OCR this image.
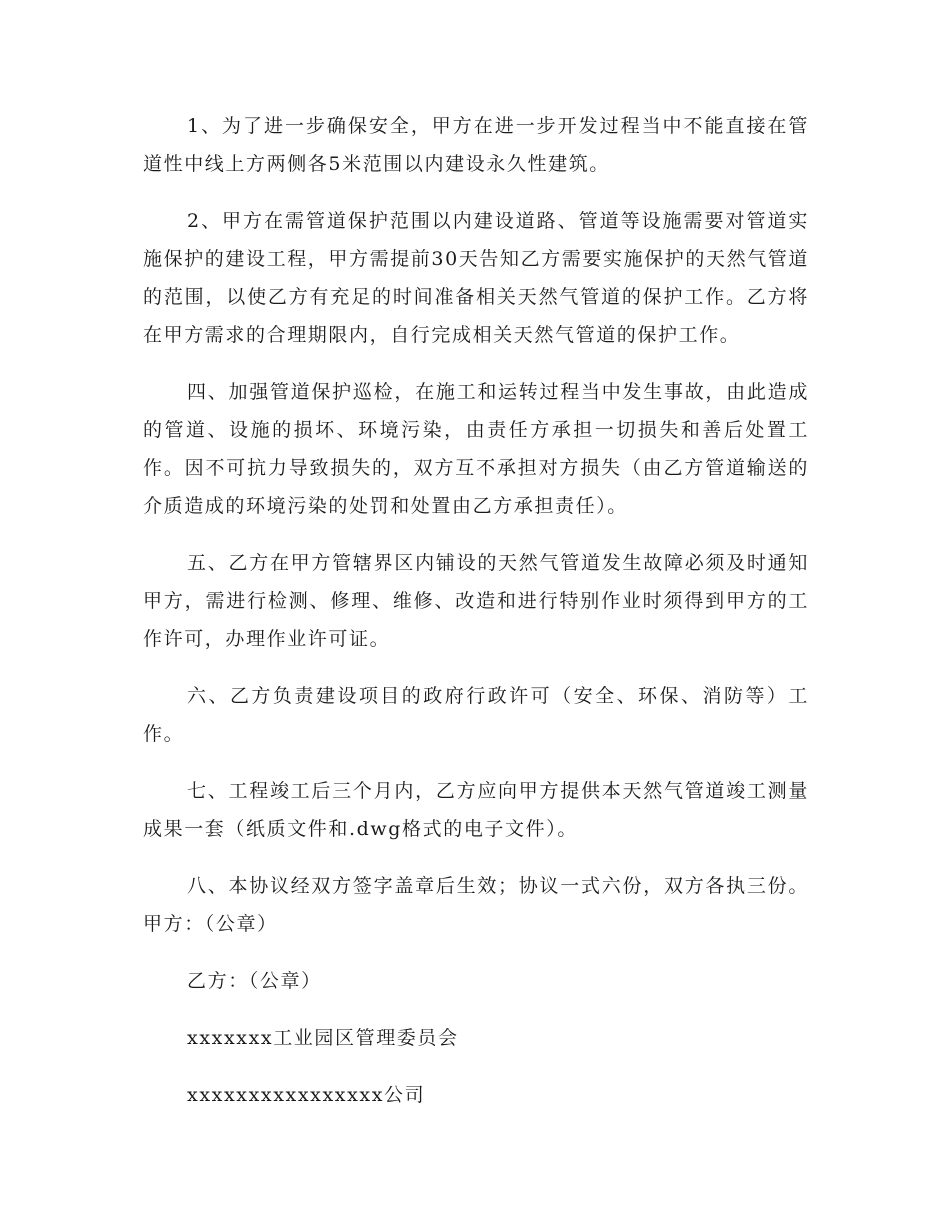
1、为了进一步确保安全，甲方在进一步开发过程当中不能直接在管道性中线上方两侧各5米范围以内建设永久性建筑。

2、甲方在需管道保护范围以内建设道路、管道等设施需要对管道实施保护的建设工程，甲方需提前30天告知乙方需要实施保护的天然气管道的范围，以使乙方有充足的时间准备相关天然气管道的保护工作。乙方将在甲方需求的合理期限内，自行完成相关天然气管道的保护工作。

四、加强管道保护巡检，在施工和运转过程当中发生事故，由此造成的管道、设施的损坏、环境污染，由责任方承担一切损失和善后处置工作。因不可抗力导致损失的，双方互不承担对方损失（由乙方管道输送的介质造成的环境污染的处罚和处置由乙方承担责任）。

五、乙方在甲方管辖界区内铺设的天然气管道发生故障必须及时通知甲方，需进行检测、修理、维修、改造和进行特别作业时须得到甲方的工作许可，办理作业许可证。

六、乙方负责建设项目的政府行政许可（安全、环保、消防等）工作。

七、工程竣工后三个月内，乙方应向甲方提供本天然气管道竣工测量成果一套（纸质文件和.dwg格式的电子文件）。

八、本协议经双方签字盖章后生效；协议一式六份，双方各执三份。甲方：（公章）

乙方：（公章）
xxxxxxx工业园区管理委员会
xxxxxxxxxxxxxxxx公司
